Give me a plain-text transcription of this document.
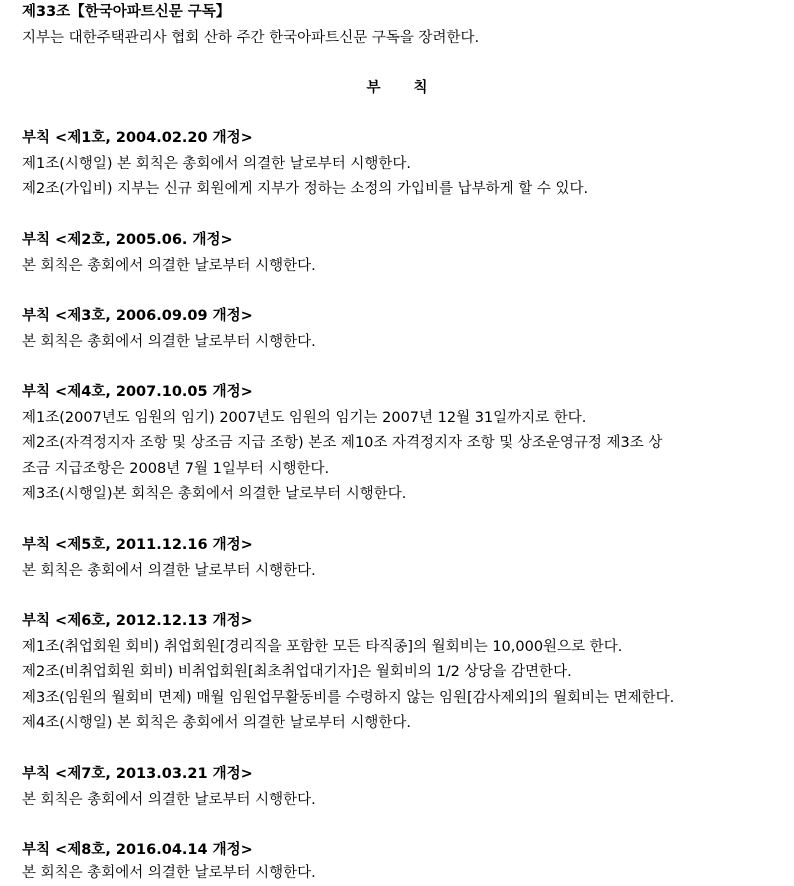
제33조【한국아파트신문 구독】
지부는 대한주택관리사 협회 산하 주간 한국아파트신문 구독을 장려한다.
부 칙
부칙 <제1호, 2004.02.20 개정>
제1조(시행일) 본 회칙은 총회에서 의결한 날로부터 시행한다.
제2조(가입비) 지부는 신규 회원에게 지부가 정하는 소정의 가입비를 납부하게 할 수 있다.
부칙 <제2호, 2005.06. 개정>
본 회칙은 총회에서 의결한 날로부터 시행한다.
부칙 <제3호, 2006.09.09 개정>
본 회칙은 총회에서 의결한 날로부터 시행한다.
부칙 <제4호, 2007.10.05 개정>
제1조(2007년도 임원의 임기) 2007년도 임원의 임기는 2007년 12월 31일까지로 한다.
제2조(자격정지자 조항 및 상조금 지급 조항) 본조 제10조 자격정지자 조항 및 상조운영규정 제3조 상
조금 지급조항은 2008년 7월 1일부터 시행한다.
제3조(시행일)본 회칙은 총회에서 의결한 날로부터 시행한다.
부칙 <제5호, 2011.12.16 개정>
본 회칙은 총회에서 의결한 날로부터 시행한다.
부칙 <제6호, 2012.12.13 개정>
제1조(취업회원 회비) 취업회원[경리직을 포함한 모든 타직종]의 월회비는 10,000원으로 한다.
제2조(비취업회원 회비) 비취업회원[최초취업대기자]은 월회비의 1/2 상당을 감면한다.
제3조(임원의 월회비 면제) 매월 임원업무활동비를 수령하지 않는 임원[감사제외]의 월회비는 면제한다.
제4조(시행일) 본 회칙은 총회에서 의결한 날로부터 시행한다.
부칙 <제7호, 2013.03.21 개정>
본 회칙은 총회에서 의결한 날로부터 시행한다.
부칙 <제8호, 2016.04.14 개정>
본 회칙은 총회에서 의결한 날로부터 시행한다.
